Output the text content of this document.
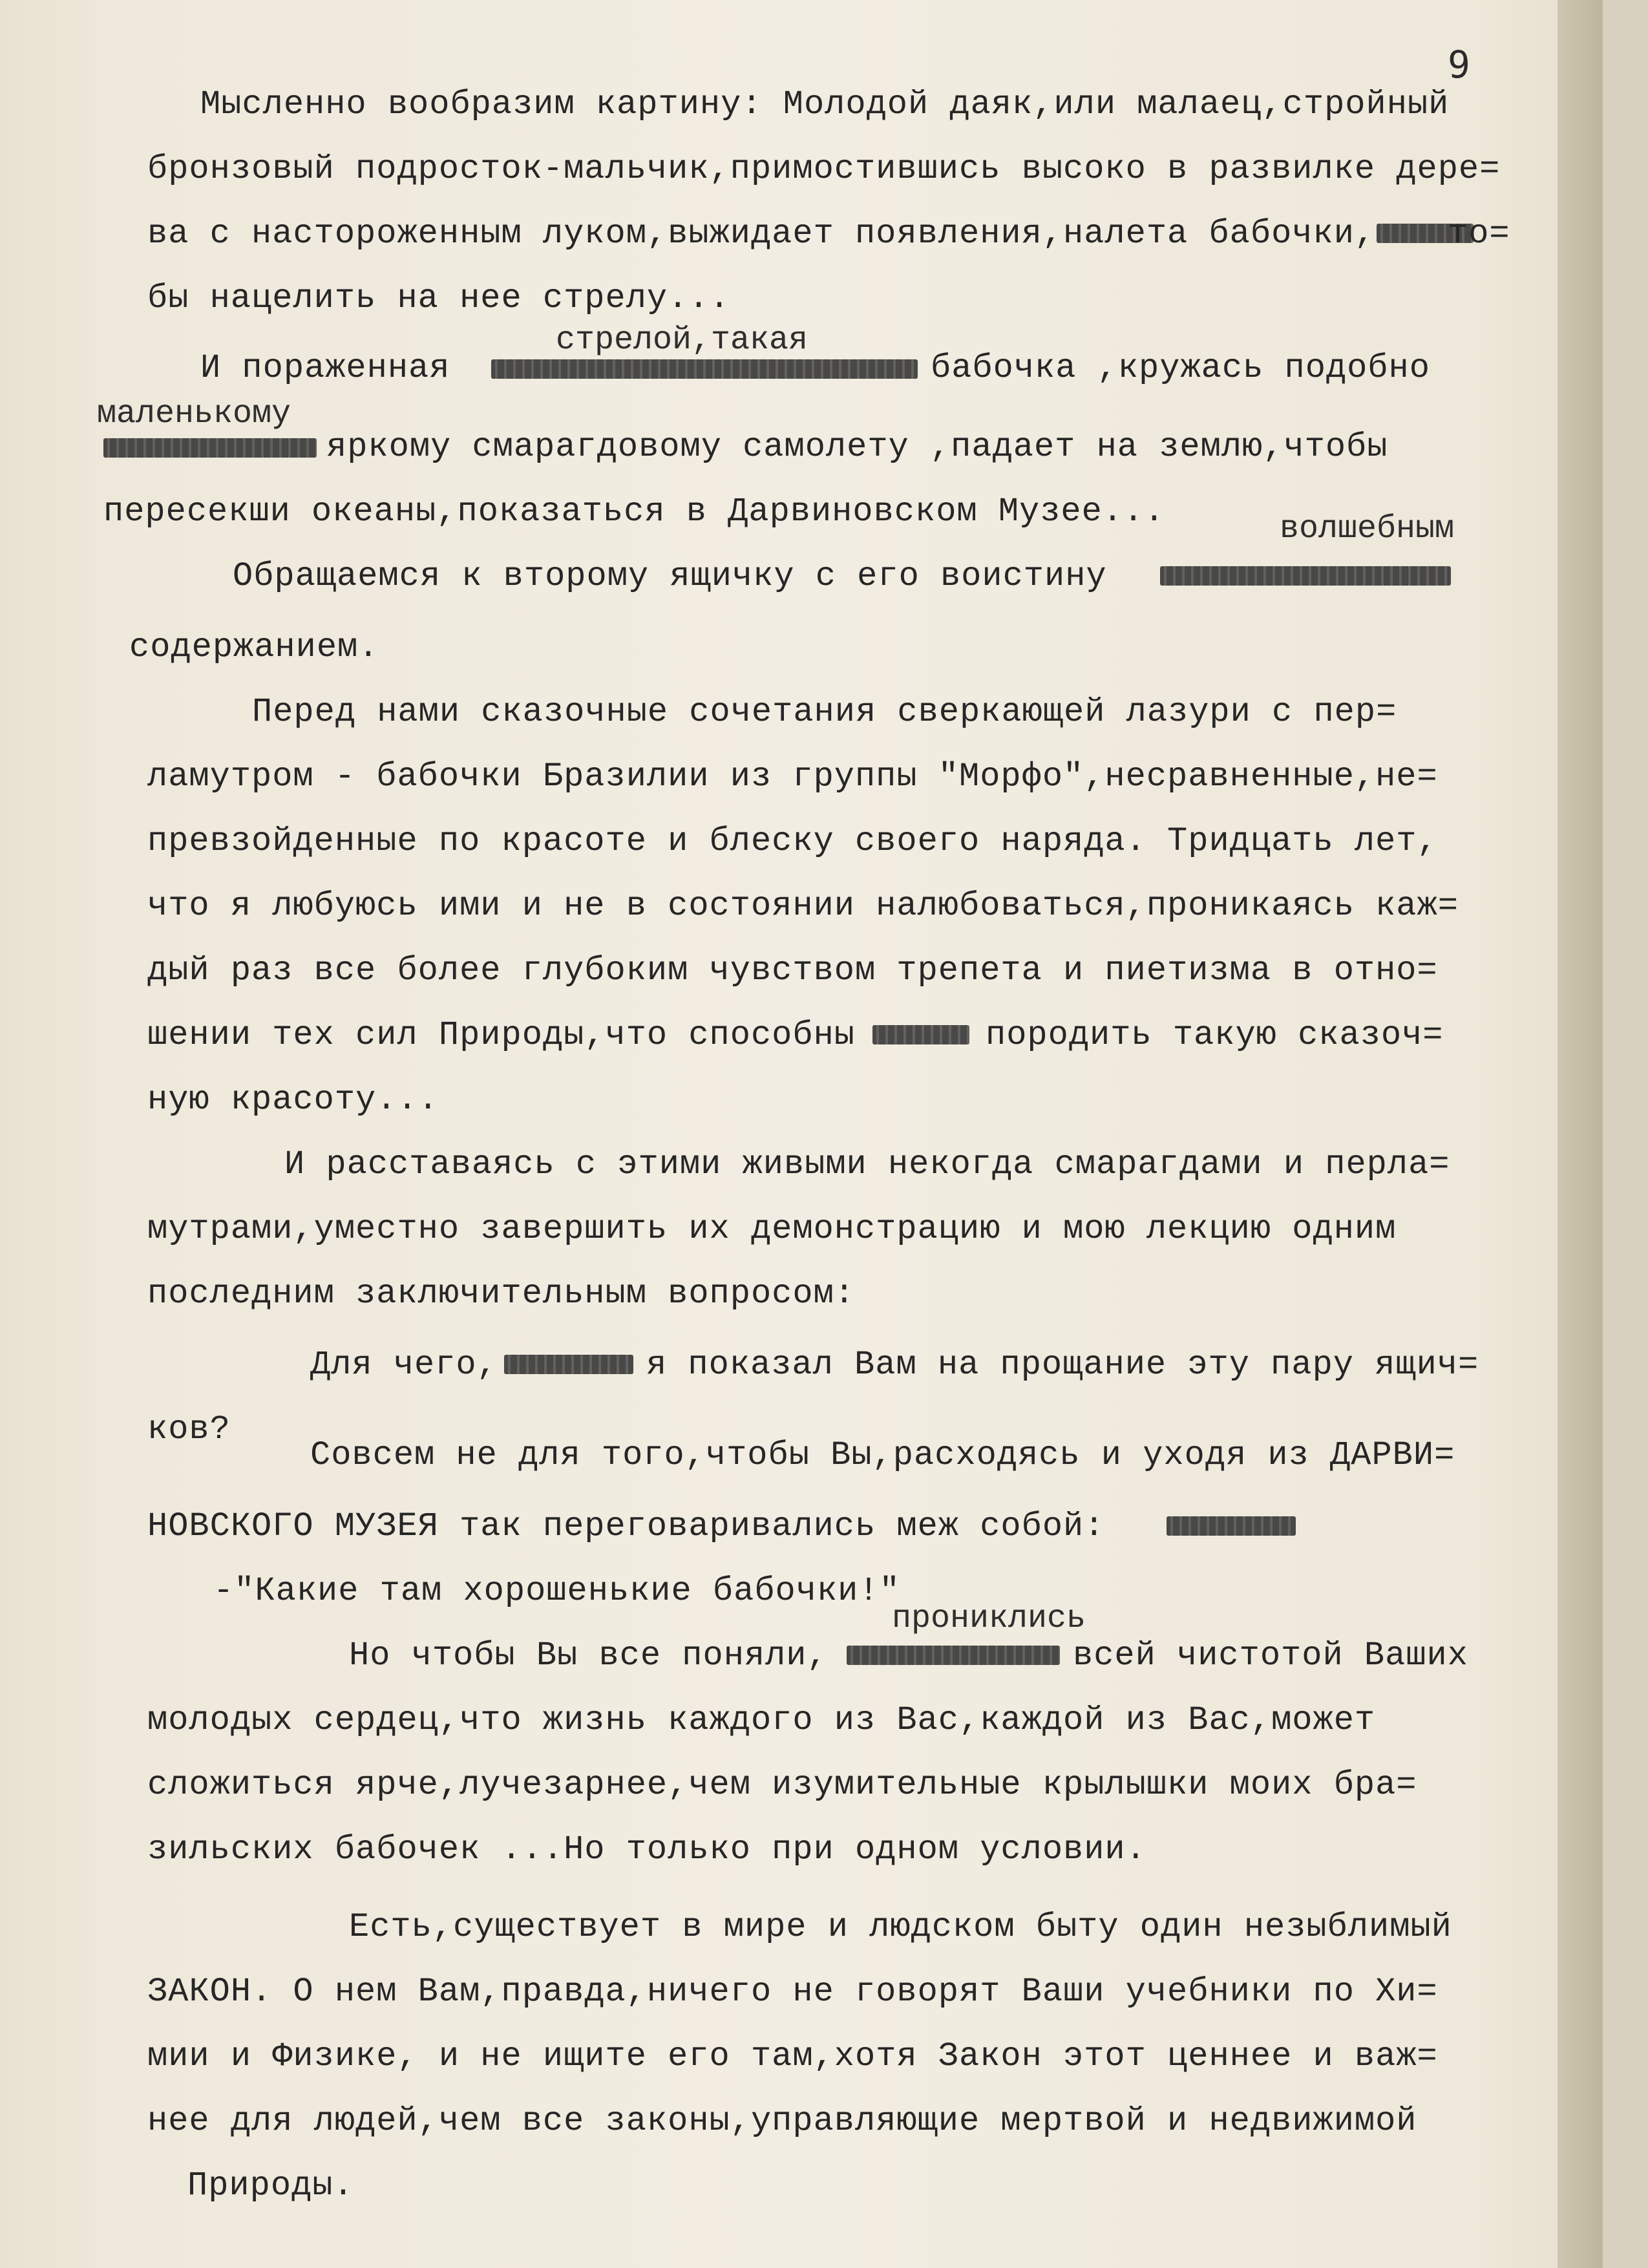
9
Мысленно вообразим картину: Молодой даяк,или малаец,стройный
бронзовый подросток-мальчик,примостившись высоко в развилке дере=
ва с настороженным луком,выжидает появления,налета бабочки, то=
бы нацелить на нее стрелу...
стрелой,такая
И пораженная	бабочка ,кружась подобно
маленькому
яркому смарагдовому самолету ,падает на землю,чтобы
пересекши океаны,показаться в Дарвиновском Музее...	волшебным
Обращаемся к второму ящичку с его воистину
содержанием.
Перед нами сказочные сочетания сверкающей лазури с пер=
ламутром - бабочки Бразилии из группы "Морфо",несравненные,не=
превзойденные по красоте и блеску своего наряда. Тридцать лет,
что я любуюсь ими и не в состоянии налюбоваться,проникаясь каж=
дый раз все более глубоким чувством трепета и пиетизма в отно=
шении тех сил Природы,что способны	породить такую сказоч=
ную красоту...
И расставаясь с этими живыми некогда смарагдами и перла=
мутрами,уместно завершить их демонстрацию и мою лекцию одним
последним заключительным вопросом:
Для чего,	я показал Вам на прощание эту пару ящич=
ков?
Совсем не для того,чтобы Вы,расходясь и уходя из ДАРВИ=
НОВСКОГО МУЗЕЯ так переговаривались меж собой:
-"Какие там хорошенькие бабочки!"
прониклись
Но чтобы Вы все поняли,	всей чистотой Ваших
молодых сердец,что жизнь каждого из Вас,каждой из Вас,может
сложиться ярче,лучезарнее,чем изумительные крылышки моих бра=
зильских бабочек ...Но только при одном условии.
Есть,существует в мире и людском быту один незыблимый
ЗАКОН. О нем Вам,правда,ничего не говорят Ваши учебники по Хи=
мии и Физике, и не ищите его там,хотя Закон этот ценнее и важ=
нее для людей,чем все законы,управляющие мертвой и недвижимой
Природы.
